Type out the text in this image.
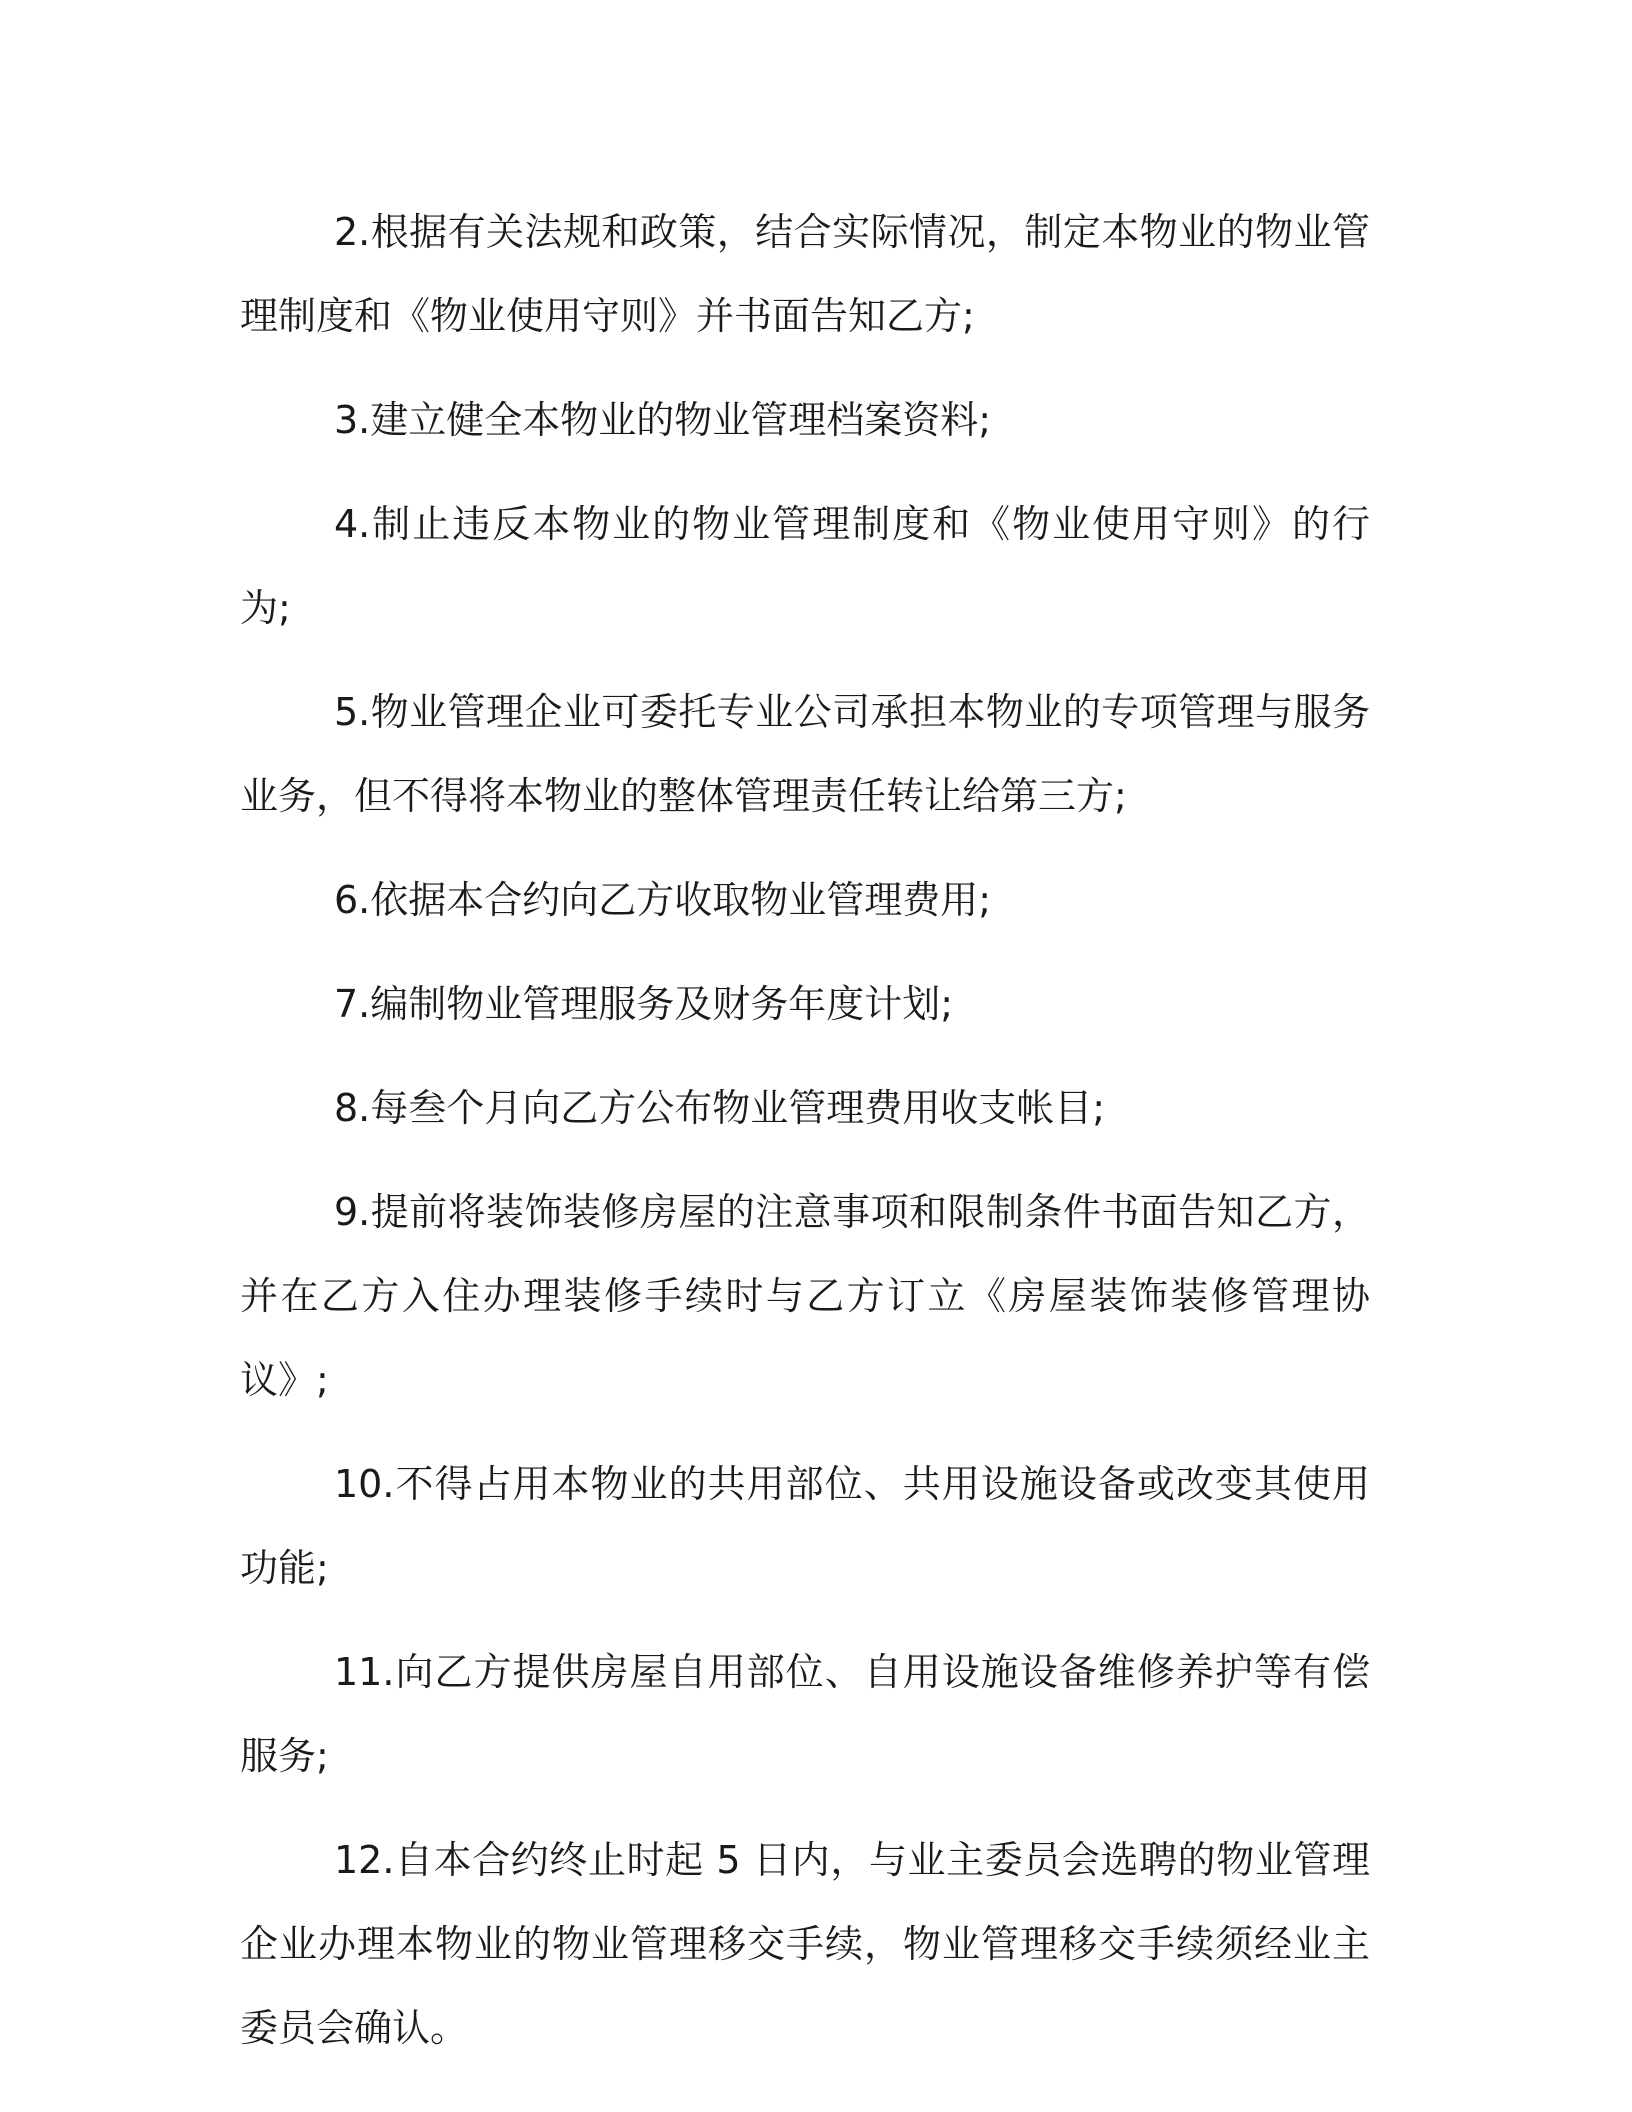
2.根据有关法规和政策，结合实际情况，制定本物业的物业管理制度和《物业使用守则》并书面告知乙方;

3.建立健全本物业的物业管理档案资料;

4.制止违反本物业的物业管理制度和《物业使用守则》的行为;

5.物业管理企业可委托专业公司承担本物业的专项管理与服务业务，但不得将本物业的整体管理责任转让给第三方;

6.依据本合约向乙方收取物业管理费用;

7.编制物业管理服务及财务年度计划;

8.每叁个月向乙方公布物业管理费用收支帐目;

9.提前将装饰装修房屋的注意事项和限制条件书面告知乙方，并在乙方入住办理装修手续时与乙方订立《房屋装饰装修管理协议》;

10.不得占用本物业的共用部位、共用设施设备或改变其使用功能;

11.向乙方提供房屋自用部位、自用设施设备维修养护等有偿服务;

12.自本合约终止时起 5 日内，与业主委员会选聘的物业管理企业办理本物业的物业管理移交手续，物业管理移交手续须经业主委员会确认。
